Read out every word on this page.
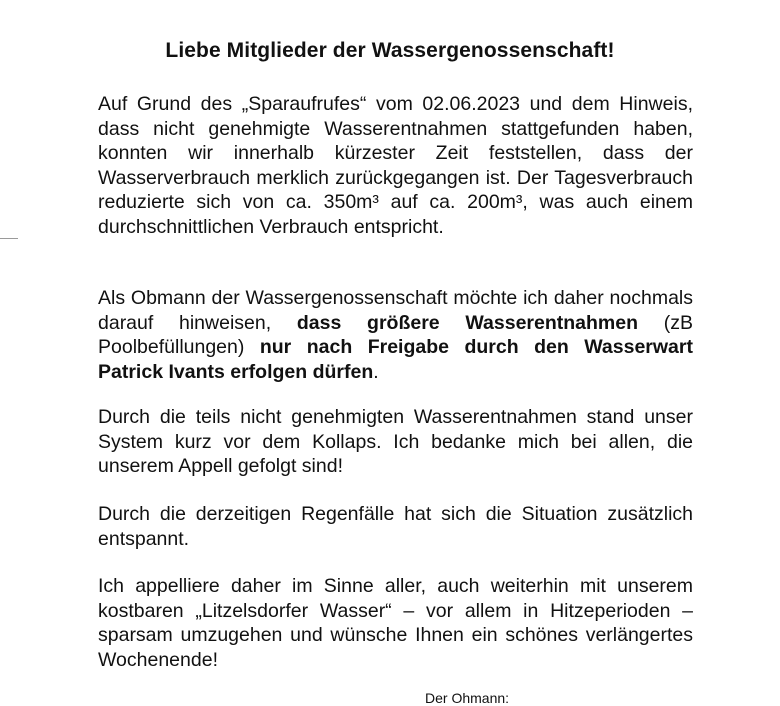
Liebe Mitglieder der Wassergenossenschaft!
Auf Grund des „Sparaufrufes“ vom 02.06.2023 und dem Hinweis, dass nicht genehmigte Wasserentnahmen stattgefunden haben, konnten wir innerhalb kürzester Zeit feststellen, dass der Wasserverbrauch merklich zurückgegangen ist. Der Tagesverbrauch reduzierte sich von ca. 350m³ auf ca. 200m³, was auch einem durchschnittlichen Verbrauch entspricht.
Als Obmann der Wassergenossenschaft möchte ich daher nochmals darauf hinweisen, dass größere Wasserentnahmen (zB Poolbefüllungen) nur nach Freigabe durch den Wasserwart Patrick Ivants erfolgen dürfen.
Durch die teils nicht genehmigten Wasserentnahmen stand unser System kurz vor dem Kollaps. Ich bedanke mich bei allen, die unserem Appell gefolgt sind!
Durch die derzeitigen Regenfälle hat sich die Situation zusätzlich entspannt.
Ich appelliere daher im Sinne aller, auch weiterhin mit unserem kostbaren „Litzelsdorfer Wasser“ – vor allem in Hitzeperioden – sparsam umzugehen und wünsche Ihnen ein schönes verlängertes Wochenende!
Der Ohmann:
